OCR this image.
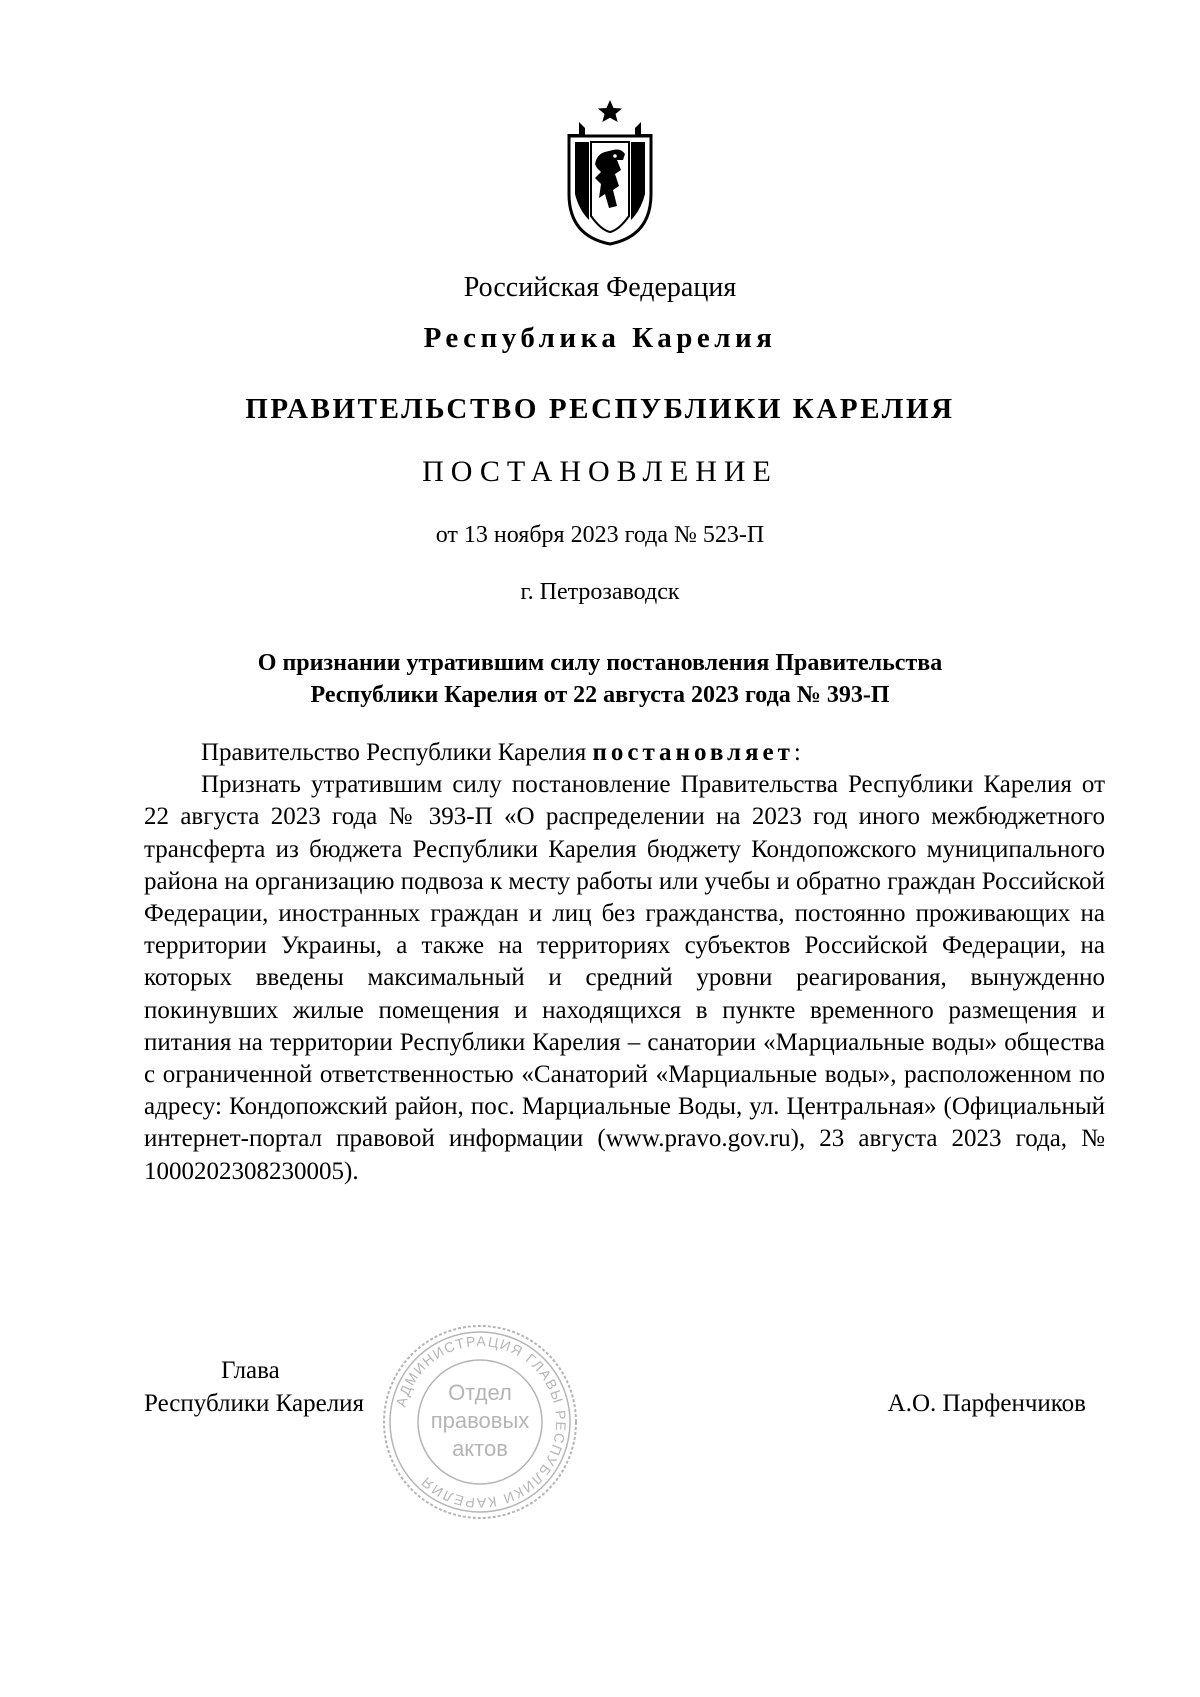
Российская Федерация
Республика Карелия
ПРАВИТЕЛЬСТВО РЕСПУБЛИКИ КАРЕЛИЯ
ПОСТАНОВЛЕНИЕ
от 13 ноября 2023 года № 523-П
г. Петрозаводск
О признании утратившим силу постановления Правительства
Республики Карелия от 22 августа 2023 года № 393-П

Правительство Республики Карелия постановляет:

Признать утратившим силу постановление Правительства Республики Карелия от 22 августа 2023 года № 393-П «О распределении на 2023 год иного межбюджетного трансферта из бюджета Республики Карелия бюджету Кондопожского муниципального района на организацию подвоза к месту работы или учебы и обратно граждан Российской Федерации, иностранных граждан и лиц без гражданства, постоянно проживающих на территории Украины, а также на территориях субъектов Российской Федерации, на которых введены максимальный и средний уровни реагирования, вынужденно покинувших жилые помещения и находящихся в пункте временного размещения и питания на территории Республики Карелия – санатории «Марциальные воды» общества с ограниченной ответственностью «Санаторий «Марциальные воды», расположенном по адресу: Кондопожский район, пос. Марциальные Воды, ул. Центральная» (Официальный интернет-портал правовой информации (www.pravo.gov.ru), 23 августа 2023 года, № 1000202308230005).

Глава
Республики Карелия	А.О. Парфенчиков
АДМИНИСТРАЦИЯ ГЛАВЫ РЕСПУБЛИКИ КАРЕЛИЯ
Отдел
правовых
актов
